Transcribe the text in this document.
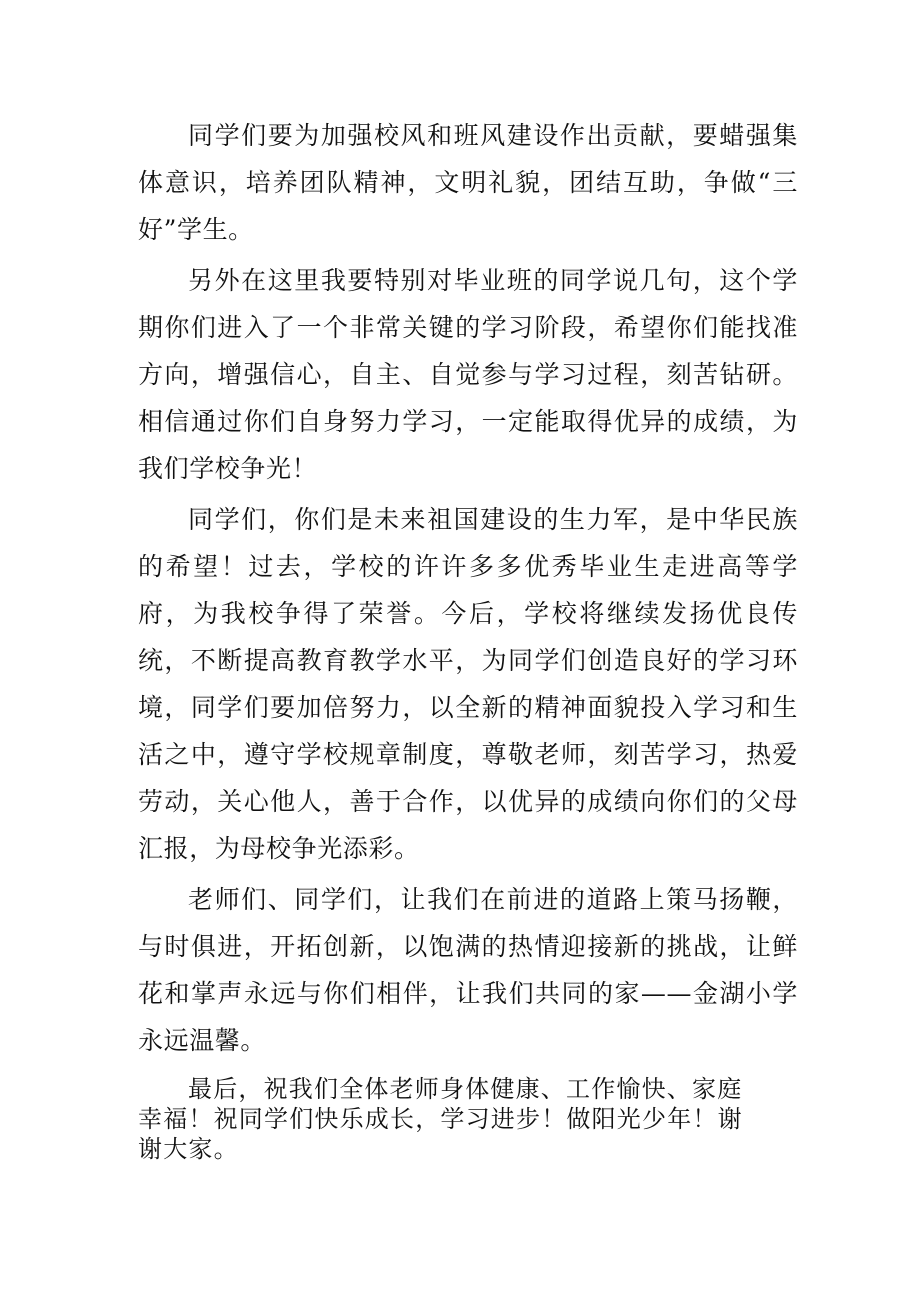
同学们要为加强校风和班风建设作出贡献，要蜡强集体意识，培养团队精神，文明礼貌，团结互助，争做“三好”学生。

另外在这里我要特别对毕业班的同学说几句，这个学期你们进入了一个非常关键的学习阶段，希望你们能找准方向，增强信心，自主、自觉参与学习过程，刻苦钻研。相信通过你们自身努力学习，一定能取得优异的成绩，为我们学校争光！

同学们，你们是未来祖国建设的生力军，是中华民族的希望！过去，学校的许许多多优秀毕业生走进高等学府，为我校争得了荣誉。今后，学校将继续发扬优良传统，不断提高教育教学水平，为同学们创造良好的学习环境，同学们要加倍努力，以全新的精神面貌投入学习和生活之中，遵守学校规章制度，尊敬老师，刻苦学习，热爱劳动，关心他人，善于合作，以优异的成绩向你们的父母汇报，为母校争光添彩。

老师们、同学们，让我们在前进的道路上策马扬鞭，与时俱进，开拓创新，以饱满的热情迎接新的挑战，让鲜花和掌声永远与你们相伴，让我们共同的家——金湖小学永远温馨。

最后，祝我们全体老师身体健康、工作愉快、家庭幸福！祝同学们快乐成长，学习进步！做阳光少年！谢谢大家。
